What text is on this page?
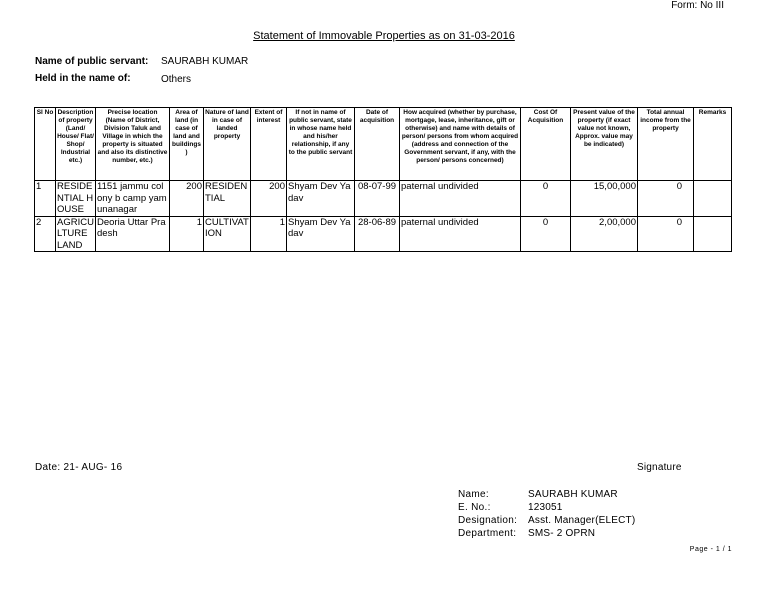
Form: No III
Statement of Immovable Properties as on 31-03-2016
Name of public servant: SAURABH KUMAR
Held in the name of:	Others
Sl No	Description of property (Land/ House/ Flat/ Shop/ Industrial etc.)	Precise location (Name of District, Division Taluk and Village in which the property is situated and also its distinctive number, etc.)	Area of land (in case of land and buildings )	Nature of land in case of landed property	Extent of interest	If not in name of public servant, state in whose name held and his/her relationship, if any to the public servant	Date of acquisition	How acquired (whether by purchase, mortgage, lease, inheritance, gift or otherwise) and name with details of person/ persons from whom acquired (address and connection of the Government servant, if any, with the person/ persons concerned)	Cost Of Acquisition	Present value of the property (if exact value not known, Approx. value may be indicated)	Total annual income from the property	Remarks
1	RESIDENTIAL HOUSE	1151 jammu colony b camp yamunanagar	200	RESIDENTIAL	200	Shyam Dev Yadav	08-07-99	paternal undivided	0	15,00,000	0	
2	AGRICULTURE LAND	Deoria Uttar Pradesh	1	CULTIVATION	1	Shyam Dev Yadav	28-06-89	paternal undivided	0	2,00,000	0	
Date: 21- AUG- 16	Signature
Name:	SAURABH KUMAR
E. No.:	123051
Designation: Asst. Manager(ELECT)
Department: SMS- 2 OPRN
Page - 1 / 1
